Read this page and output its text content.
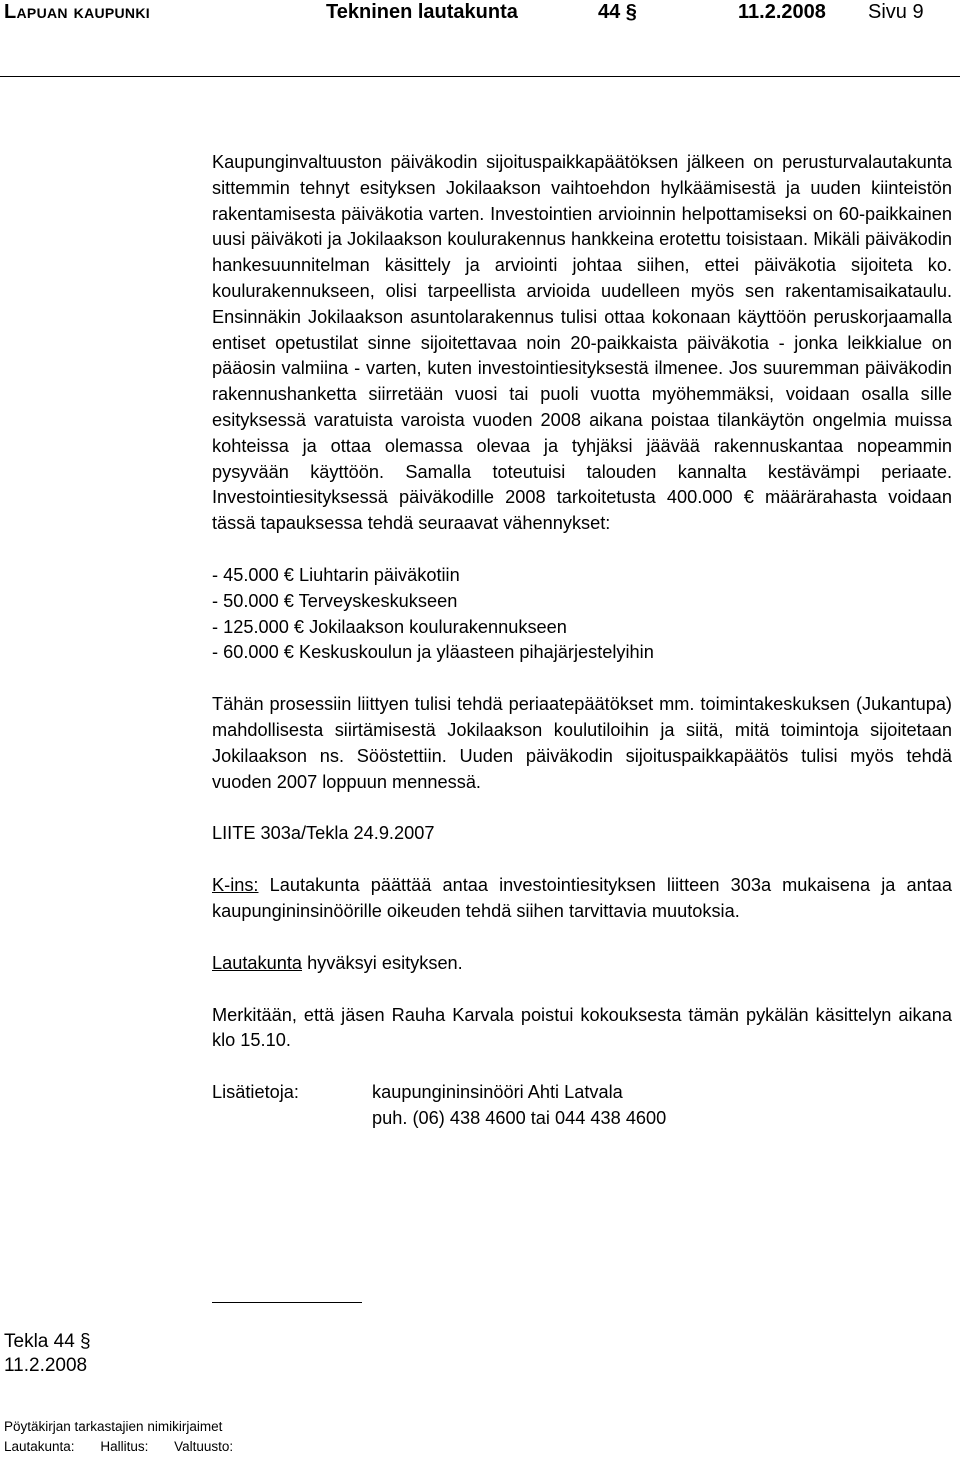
Lapuan kaupunki	Tekninen lautakunta	44 §	11.2.2008 Sivu 9

Kaupunginvaltuuston päiväkodin sijoituspaikkapäätöksen jälkeen on perusturvalautakunta sittemmin tehnyt esityksen Jokilaakson vaihtoehdon hylkäämisestä ja uuden kiinteistön rakentamisesta päiväkotia varten. Investointien arvioinnin helpottamiseksi on 60-paikkainen uusi päiväkoti ja Jokilaakson koulurakennus hankkeina erotettu toisistaan. Mikäli päiväkodin hankesuunnitelman käsittely ja arviointi johtaa siihen, ettei päiväkotia sijoiteta ko. koulurakennukseen, olisi tarpeellista arvioida uudelleen myös sen rakentamisaikataulu. Ensinnäkin Jokilaakson asuntolarakennus tulisi ottaa kokonaan käyttöön peruskorjaamalla entiset opetustilat sinne sijoitettavaa noin 20-paikkaista päiväkotia - jonka leikkialue on pääosin valmiina - varten, kuten investointiesityksestä ilmenee. Jos suuremman päiväkodin rakennushanketta siirretään vuosi tai puoli vuotta myöhemmäksi, voidaan osalla sille esityksessä varatuista varoista vuoden 2008 aikana poistaa tilankäytön ongelmia muissa kohteissa ja ottaa olemassa olevaa ja tyhjäksi jäävää rakennuskantaa nopeammin pysyvään käyttöön. Samalla toteutuisi talouden kannalta kestävämpi periaate. Investointiesityksessä päiväkodille 2008 tarkoitetusta 400.000 € määrärahasta voidaan tässä tapauksessa tehdä seuraavat vähennykset:

- 45.000 € Liuhtarin päiväkotiin
- 50.000 € Terveyskeskukseen
- 125.000 € Jokilaakson koulurakennukseen
- 60.000 € Keskuskoulun ja yläasteen pihajärjestelyihin

Tähän prosessiin liittyen tulisi tehdä periaatepäätökset mm. toimintakeskuksen (Jukantupa) mahdollisesta siirtämisestä Jokilaakson koulutiloihin ja siitä, mitä toimintoja sijoitetaan Jokilaakson ns. Sööstettiin. Uuden päiväkodin sijoituspaikkapäätös tulisi myös tehdä vuoden 2007 loppuun mennessä.

LIITE 303a/Tekla 24.9.2007

K-ins: Lautakunta päättää antaa investointiesityksen liitteen 303a mukaisena ja antaa kaupungininsinöörille oikeuden tehdä siihen tarvittavia muutoksia.

Lautakunta hyväksyi esityksen.

Merkitään, että jäsen Rauha Karvala poistui kokouksesta tämän pykälän käsittelyn aikana klo 15.10.

Lisätietoja:	kaupungininsinööri Ahti Latvala
puh. (06) 438 4600 tai 044 438 4600
Tekla 44 §
11.2.2008
Pöytäkirjan tarkastajien nimikirjaimet
Lautakunta: Hallitus: Valtuusto:
